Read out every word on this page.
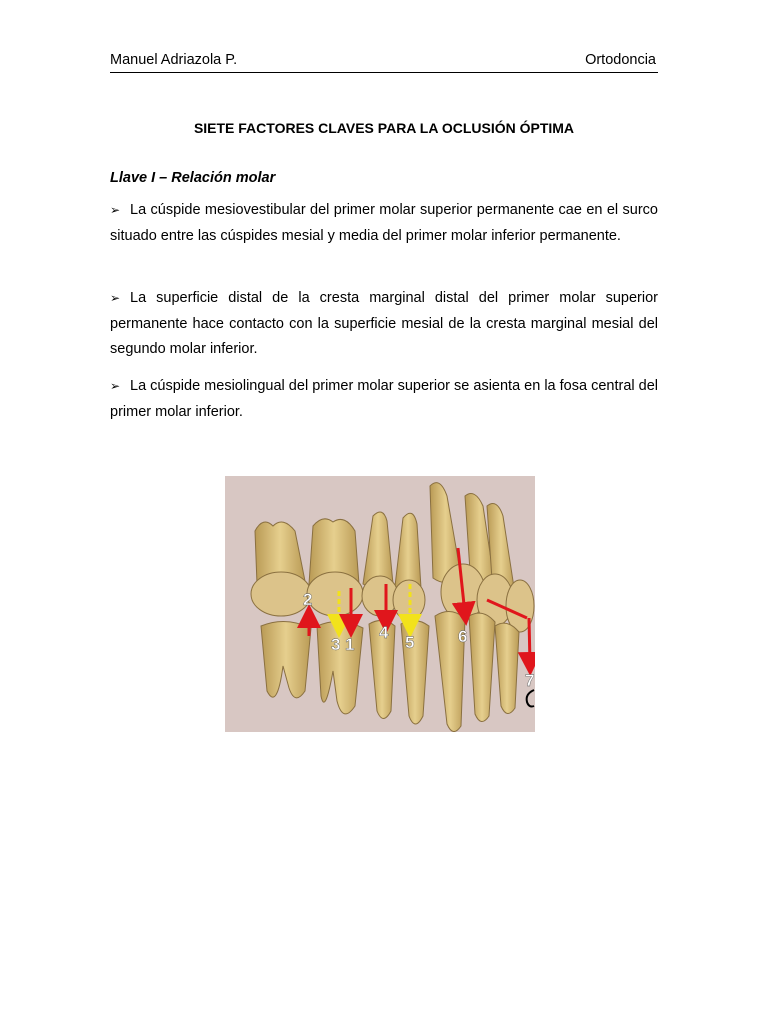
Manuel Adriazola P.	Ortodoncia
SIETE FACTORES CLAVES PARA LA OCLUSIÓN ÓPTIMA
Llave I – Relación molar

➢ La cúspide mesiovestibular del primer molar superior permanente cae en el surco situado entre las cúspides mesial y media del primer molar inferior permanente.

➢ La superficie distal de la cresta marginal distal del primer molar superior permanente hace contacto con la superficie mesial de la cresta marginal mesial del segundo molar inferior.

➢ La cúspide mesiolingual del primer molar superior se asienta en la fosa central del primer molar inferior.

2
3 1
4
5	6
7
